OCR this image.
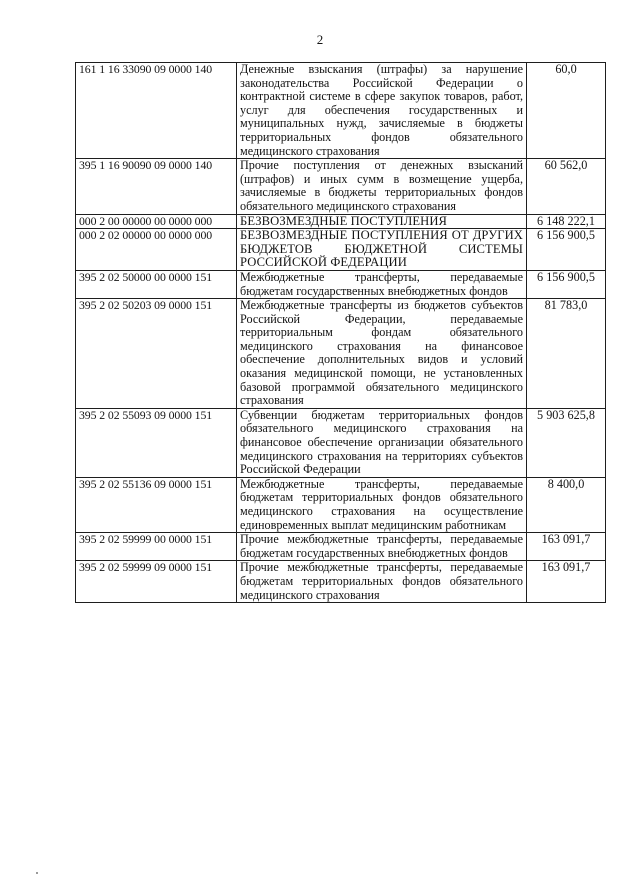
2
161 1 16 33090 09 0000 140	Денежные взыскания (штрафы) за нарушение законодательства Российской Федерации о контрактной системе в сфере закупок товаров, работ, услуг для обеспечения государственных и муниципальных нужд, зачисляемые в бюджеты территориальных фондов обязательного медицинского страхования	60,0
395 1 16 90090 09 0000 140	Прочие поступления от денежных взысканий (штрафов) и иных сумм в возмещение ущерба, зачисляемые в бюджеты территориальных фондов обязательного медицинского страхования	60 562,0
000 2 00 00000 00 0000 000	БЕЗВОЗМЕЗДНЫЕ ПОСТУПЛЕНИЯ	6 148 222,1
000 2 02 00000 00 0000 000	БЕЗВОЗМЕЗДНЫЕ ПОСТУПЛЕНИЯ ОТ ДРУГИХ БЮДЖЕТОВ БЮДЖЕТНОЙ СИСТЕМЫ РОССИЙСКОЙ ФЕДЕРАЦИИ	6 156 900,5
395 2 02 50000 00 0000 151	Межбюджетные трансферты, передаваемые бюджетам государственных внебюджетных фондов	6 156 900,5
395 2 02 50203 09 0000 151	Межбюджетные трансферты из бюджетов субъектов Российской Федерации, передаваемые территориальным фондам обязательного медицинского страхования на финансовое обеспечение дополнительных видов и условий оказания медицинской помощи, не установленных базовой программой обязательного медицинского страхования	81 783,0
395 2 02 55093 09 0000 151	Субвенции бюджетам территориальных фондов обязательного медицинского страхования на финансовое обеспечение организации обязательного медицинского страхования на территориях субъектов Российской Федерации	5 903 625,8
395 2 02 55136 09 0000 151	Межбюджетные трансферты, передаваемые бюджетам территориальных фондов обязательного медицинского страхования на осуществление единовременных выплат медицинским работникам	8 400,0
395 2 02 59999 00 0000 151	Прочие межбюджетные трансферты, передаваемые бюджетам государственных внебюджетных фондов	163 091,7
395 2 02 59999 09 0000 151	Прочие межбюджетные трансферты, передаваемые бюджетам территориальных фондов обязательного медицинского страхования	163 091,7
